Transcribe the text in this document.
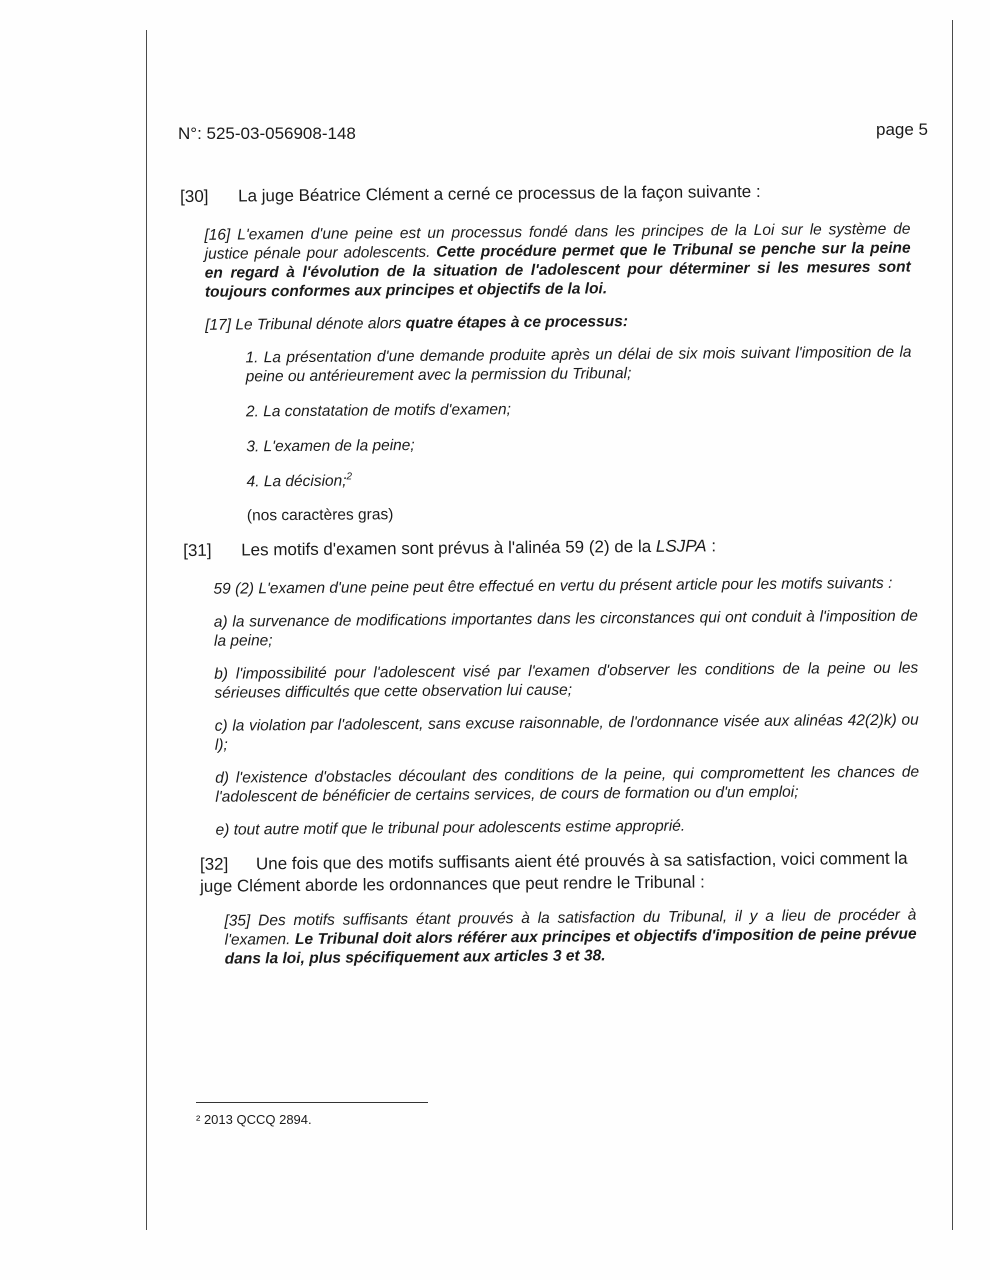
N°: 525-03-056908-148	page 5

[30] La juge Béatrice Clément a cerné ce processus de la façon suivante :

[16] L'examen d'une peine est un processus fondé dans les principes de la Loi sur le système de justice pénale pour adolescents. Cette procédure permet que le Tribunal se penche sur la peine en regard à l'évolution de la situation de l'adolescent pour déterminer si les mesures sont toujours conformes aux principes et objectifs de la loi.

[17] Le Tribunal dénote alors quatre étapes à ce processus:

1. La présentation d'une demande produite après un délai de six mois suivant l'imposition de la peine ou antérieurement avec la permission du Tribunal;
2. La constatation de motifs d'examen;
3. L'examen de la peine;
4. La décision;$^2$

(nos caractères gras)

[31] Les motifs d'examen sont prévus à l'alinéa 59 (2) de la LSJPA :

59 (2) L'examen d'une peine peut être effectué en vertu du présent article pour les motifs suivants :

a) la survenance de modifications importantes dans les circonstances qui ont conduit à l'imposition de la peine;

b) l'impossibilité pour l'adolescent visé par l'examen d'observer les conditions de la peine ou les sérieuses difficultés que cette observation lui cause;

c) la violation par l'adolescent, sans excuse raisonnable, de l'ordonnance visée aux alinéas 42(2)k) ou l);

d) l'existence d'obstacles découlant des conditions de la peine, qui compromettent les chances de l'adolescent de bénéficier de certains services, de cours de formation ou d'un emploi;

e) tout autre motif que le tribunal pour adolescents estime approprié.

[32] Une fois que des motifs suffisants aient été prouvés à sa satisfaction, voici comment la juge Clément aborde les ordonnances que peut rendre le Tribunal :

[35] Des motifs suffisants étant prouvés à la satisfaction du Tribunal, il y a lieu de procéder à l'examen. Le Tribunal doit alors référer aux principes et objectifs d'imposition de peine prévue dans la loi, plus spécifiquement aux articles 3 et 38.

² 2013 QCCQ 2894.
